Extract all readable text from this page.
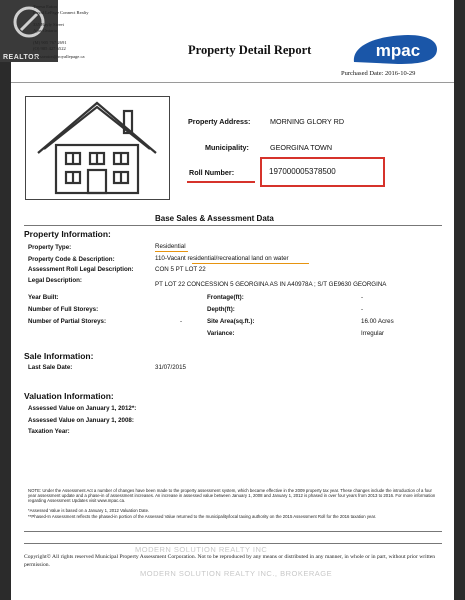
REALTOR
Teresa Eaton
Royal LePage Connect Realty
335 Bayly Street
Ajax Ontario
(M) 905 767 2691
(O) 905 427 6522
teresaeaton@royallepage.ca	Property Detail Report	mpac
Purchased Date: 2016-10-29
Property Address:	MORNING GLORY RD
Municipality:	GEORGINA TOWN
Roll Number:	197000005378500
Base Sales & Assessment Data
Property Information:
Property Type:	Residential
Property Code & Description:	110-Vacant residential/recreational land on water
Assessment Roll Legal Description:	CON 5 PT LOT 22
Legal Description:
PT LOT 22 CONCESSION 5 GEORGINA AS IN A40978A ; S/T GE9630 GEORGINA
Year Built:
Number of Full Storeys:
Number of Partial Storeys:	-
Frontage(ft):	-
Depth(ft):	-
Site Area(sq.ft.):	16.00 Acres
Variance:	Irregular
Sale Information:
Last Sale Date:	31/07/2015
Valuation Information:
Assessed Value on January 1, 2012*:
Assessed Value on January 1, 2008:
Taxation Year:
NOTE: Under the Assessment Act a number of changes have been made to the property assessment system, which became effective in the 2009 property tax year. These changes include the introduction of a four year assessment update and a phase-in of assessment increases. An increase in assessed value between January 1, 2008 and January 1, 2012 is phased in over four years from 2013 to 2016. For more information regarding Assessment Updates visit www.mpac.ca.
*Assessed Value is based on a January 1, 2012 Valuation Date.
**Phased-In Assessment reflects the phased-in portion of the Assessed Value returned to the municipality/local taxing authority on the 2015 Assessment Roll for the 2016 taxation year.
MODERN SOLUTION REALTY INC
Copyright© All rights reserved Municipal Property Assessment Corporation. Not to be reproduced by any means or distributed in any manner, in whole or in part, without prior written permission.
MODERN SOLUTION REALTY INC., BROKERAGE
